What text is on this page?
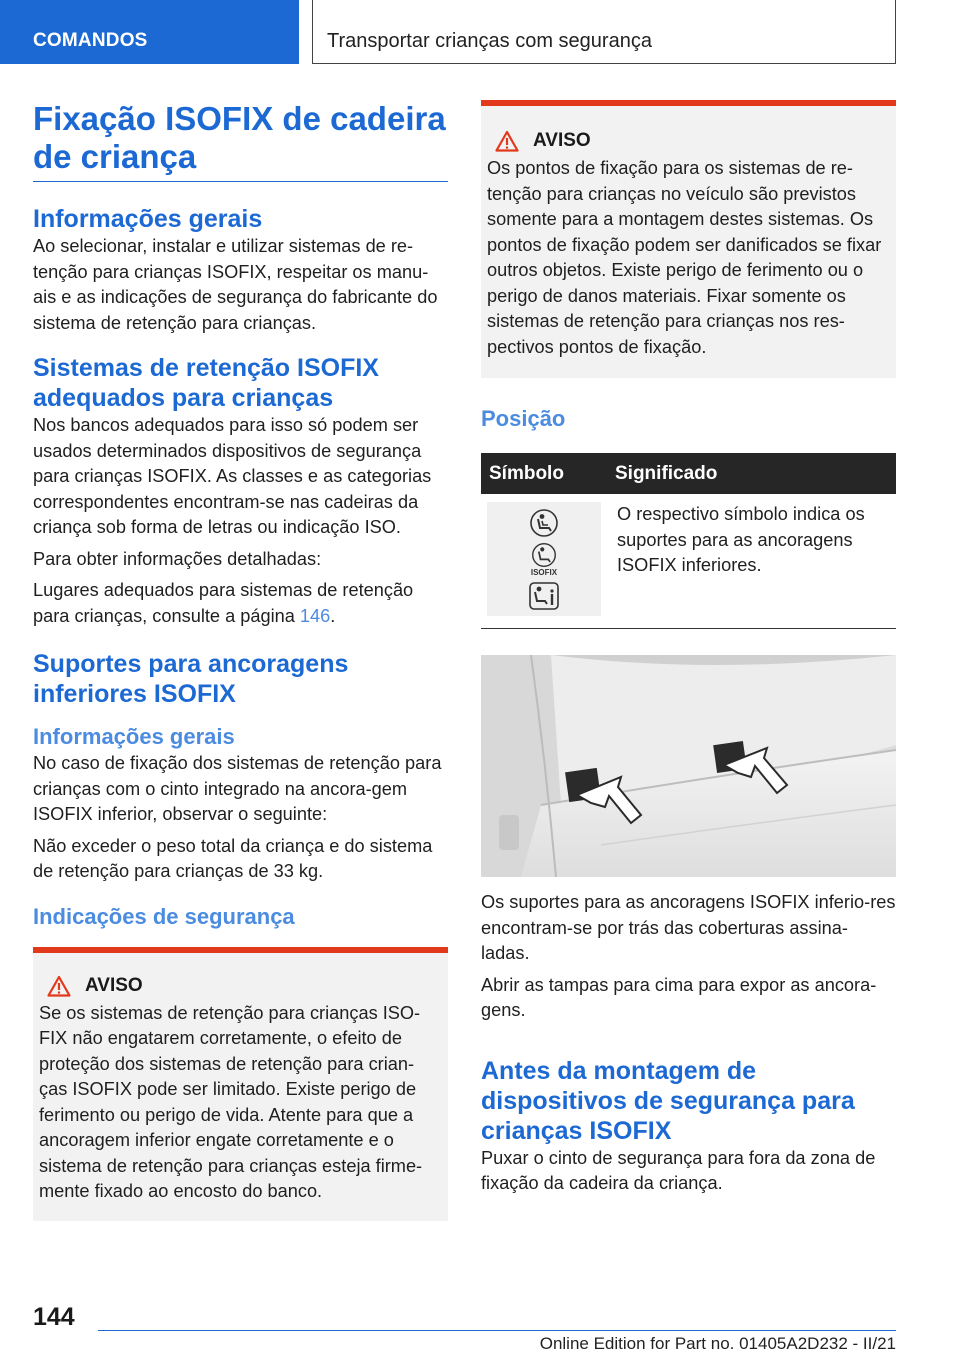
COMANDOS	Transportar crianças com segurança
Fixação ISOFIX de cadeira de criança
Informações gerais

Ao selecionar, instalar e utilizar sistemas de re-tenção para crianças ISOFIX, respeitar os manu-ais e as indicações de segurança do fabricante do sistema de retenção para crianças.

Sistemas de retenção ISOFIX adequados para crianças

Nos bancos adequados para isso só podem ser usados determinados dispositivos de segurança para crianças ISOFIX. As classes e as categorias correspondentes encontram-se nas cadeiras da criança sob forma de letras ou indicação ISO.

Para obter informações detalhadas:

Lugares adequados para sistemas de retenção para crianças, consulte a página 146.

Suportes para ancoragens inferiores ISOFIX
Informações gerais

No caso de fixação dos sistemas de retenção para crianças com o cinto integrado na ancora-gem ISOFIX inferior, observar o seguinte:

Não exceder o peso total da criança e do sistema de retenção para crianças de 33 kg.

Indicações de segurança
AVISO

Se os sistemas de retenção para crianças ISO-FIX não engatarem corretamente, o efeito de proteção dos sistemas de retenção para crian-ças ISOFIX pode ser limitado. Existe perigo de ferimento ou perigo de vida. Atente para que a ancoragem inferior engate corretamente e o sistema de retenção para crianças esteja firme-mente fixado ao encosto do banco.

AVISO

Os pontos de fixação para os sistemas de re-tenção para crianças no veículo são previstos somente para a montagem destes sistemas. Os pontos de fixação podem ser danificados se fixar outros objetos. Existe perigo de ferimento ou o perigo de danos materiais. Fixar somente os sistemas de retenção para crianças nos res-pectivos pontos de fixação.

Posição
Símbolo	Significado

ISOFIX	O respectivo símbolo indica os suportes para as ancoragens ISOFIX inferiores.

Os suportes para as ancoragens ISOFIX inferio-res encontram-se por trás das coberturas assina-ladas.

Abrir as tampas para cima para expor as ancora-gens.

Antes da montagem de dispositivos de segurança para crianças ISOFIX

Puxar o cinto de segurança para fora da zona de fixação da cadeira da criança.

144
Online Edition for Part no. 01405A2D232 - II/21
